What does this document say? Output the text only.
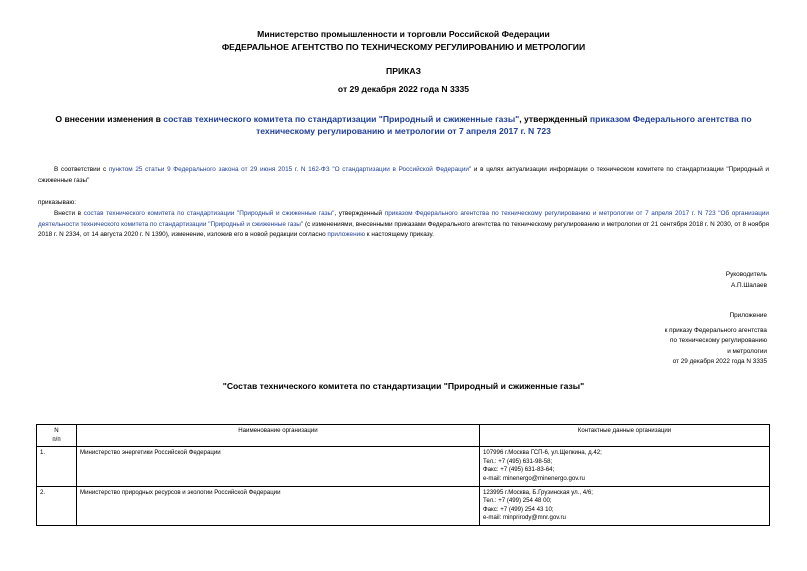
Министерство промышленности и торговли Российской Федерации
ФЕДЕРАЛЬНОЕ АГЕНТСТВО ПО ТЕХНИЧЕСКОМУ РЕГУЛИРОВАНИЮ И МЕТРОЛОГИИ
ПРИКАЗ
от 29 декабря 2022 года N 3335
О внесении изменения в состав технического комитета по стандартизации "Природный и сжиженные газы", утвержденный приказом Федерального агентства по техническому регулированию и метрологии от 7 апреля 2017 г. N 723
В соответствии с пунктом 25 статьи 9 Федерального закона от 29 июня 2015 г. N 162-ФЗ "О стандартизации в Российской Федерации" и в целях актуализации информации о техническом комитете по стандартизации "Природный и сжиженные газы"
приказываю:
Внести в состав технического комитета по стандартизации "Природный и сжиженные газы", утвержденный приказом Федерального агентства по техническому регулированию и метрологии от 7 апреля 2017 г. N 723 "Об организации деятельности технического комитета по стандартизации "Природный и сжиженные газы" (с изменениями, внесенными приказами Федерального агентства по техническому регулированию и метрологии от 21 сентября 2018 г. N 2030, от 8 ноября 2018 г. N 2334, от 14 августа 2020 г. N 1390), изменение, изложив его в новой редакции согласно приложению к настоящему приказу.
Руководитель
А.П.Шалаев
Приложение
к приказу Федерального агентства
по техническому регулированию
и метрологии
от 29 декабря 2022 года N 3335
"Состав технического комитета по стандартизации "Природный и сжиженные газы"
N
п/п	Наименование организации	Контактные данные организации
1.	Министерство энергетики Российской Федерации	107996 г.Москва ГСП-6, ул.Щепкина, д.42;
Тел.: +7 (495) 631-98-58;
Факс: +7 (495) 631-83-64;
e-mail: minenergo@minenergo.gov.ru

2.	Министерство природных ресурсов и экологии Российской Федерации	123995 г.Москва, Б.Грузинская ул., 4/6;
Тел.: +7 (499) 254 48 00;
Факс: +7 (499) 254 43 10;
e-mail: minprirody@mnr.gov.ru
